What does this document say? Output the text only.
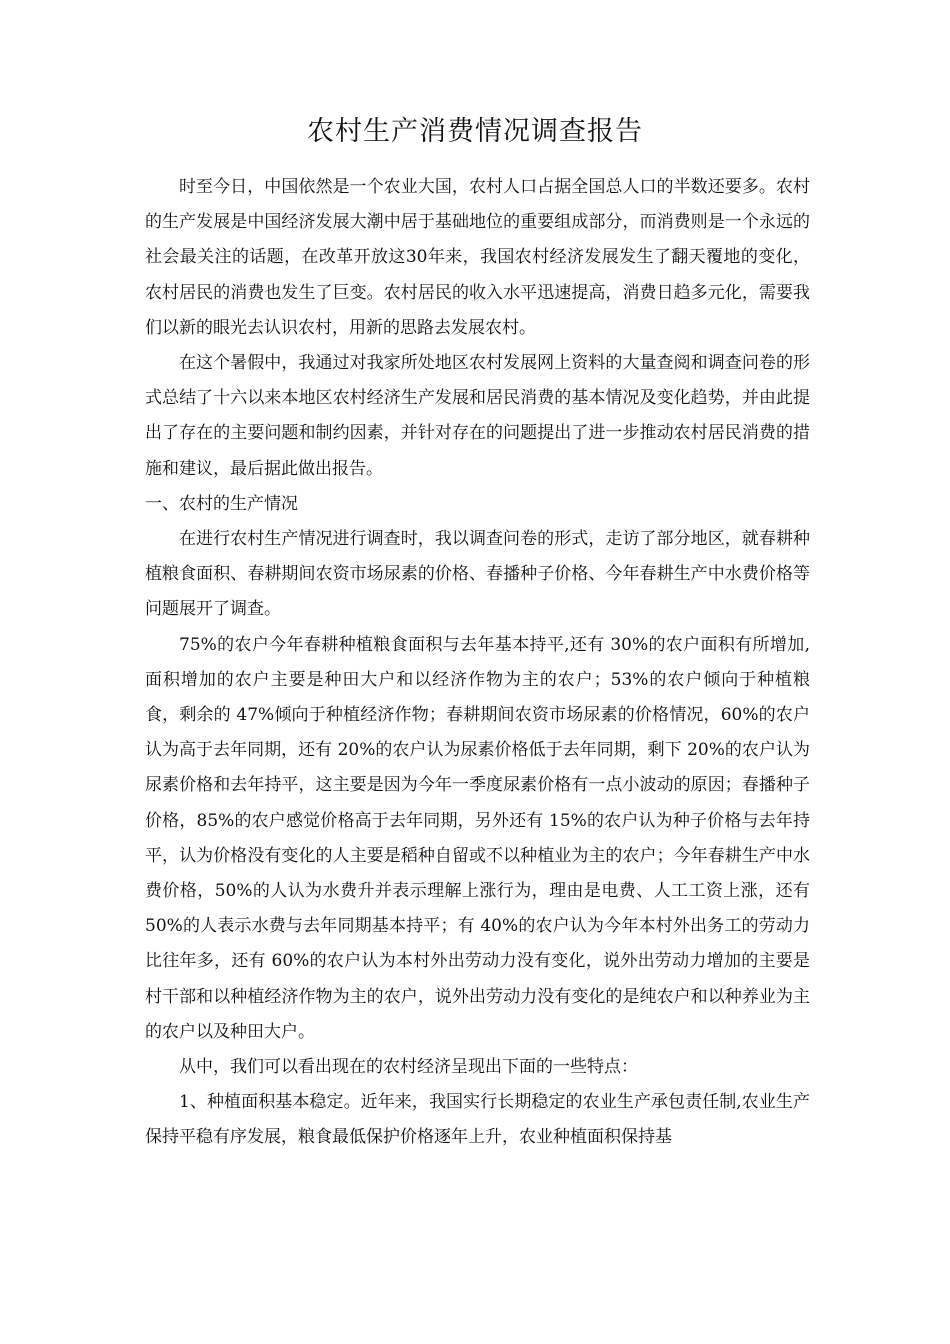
农村生产消费情况调查报告

时至今日，中国依然是一个农业大国，农村人口占据全国总人口的半数还要多。农村的生产发展是中国经济发展大潮中居于基础地位的重要组成部分，而消费则是一个永远的社会最关注的话题，在改革开放这30年来，我国农村经济发展发生了翻天覆地的变化，农村居民的消费也发生了巨变。农村居民的收入水平迅速提高，消费日趋多元化，需要我们以新的眼光去认识农村，用新的思路去发展农村。

在这个暑假中，我通过对我家所处地区农村发展网上资料的大量查阅和调查问卷的形式总结了十六以来本地区农村经济生产发展和居民消费的基本情况及变化趋势，并由此提出了存在的主要问题和制约因素，并针对存在的问题提出了进一步推动农村居民消费的措施和建议，最后据此做出报告。

一、农村的生产情况

在进行农村生产情况进行调查时，我以调查问卷的形式，走访了部分地区，就春耕种植粮食面积、春耕期间农资市场尿素的价格、春播种子价格、今年春耕生产中水费价格等问题展开了调查。

75%的农户今年春耕种植粮食面积与去年基本持平,还有 30%的农户面积有所增加,面积增加的农户主要是种田大户和以经济作物为主的农户；53%的农户倾向于种植粮食，剩余的 47%倾向于种植经济作物；春耕期间农资市场尿素的价格情况，60%的农户认为高于去年同期，还有 20%的农户认为尿素价格低于去年同期，剩下 20%的农户认为尿素价格和去年持平，这主要是因为今年一季度尿素价格有一点小波动的原因；春播种子价格，85%的农户感觉价格高于去年同期，另外还有 15%的农户认为种子价格与去年持平，认为价格没有变化的人主要是稻种自留或不以种植业为主的农户；今年春耕生产中水费价格，50%的人认为水费升并表示理解上涨行为，理由是电费、人工工资上涨，还有 50%的人表示水费与去年同期基本持平；有 40%的农户认为今年本村外出务工的劳动力比往年多，还有 60%的农户认为本村外出劳动力没有变化，说外出劳动力增加的主要是村干部和以种植经济作物为主的农户，说外出劳动力没有变化的是纯农户和以种养业为主的农户以及种田大户。

从中，我们可以看出现在的农村经济呈现出下面的一些特点：

1、种植面积基本稳定。近年来，我国实行长期稳定的农业生产承包责任制,农业生产保持平稳有序发展，粮食最低保护价格逐年上升，农业种植面积保持基
